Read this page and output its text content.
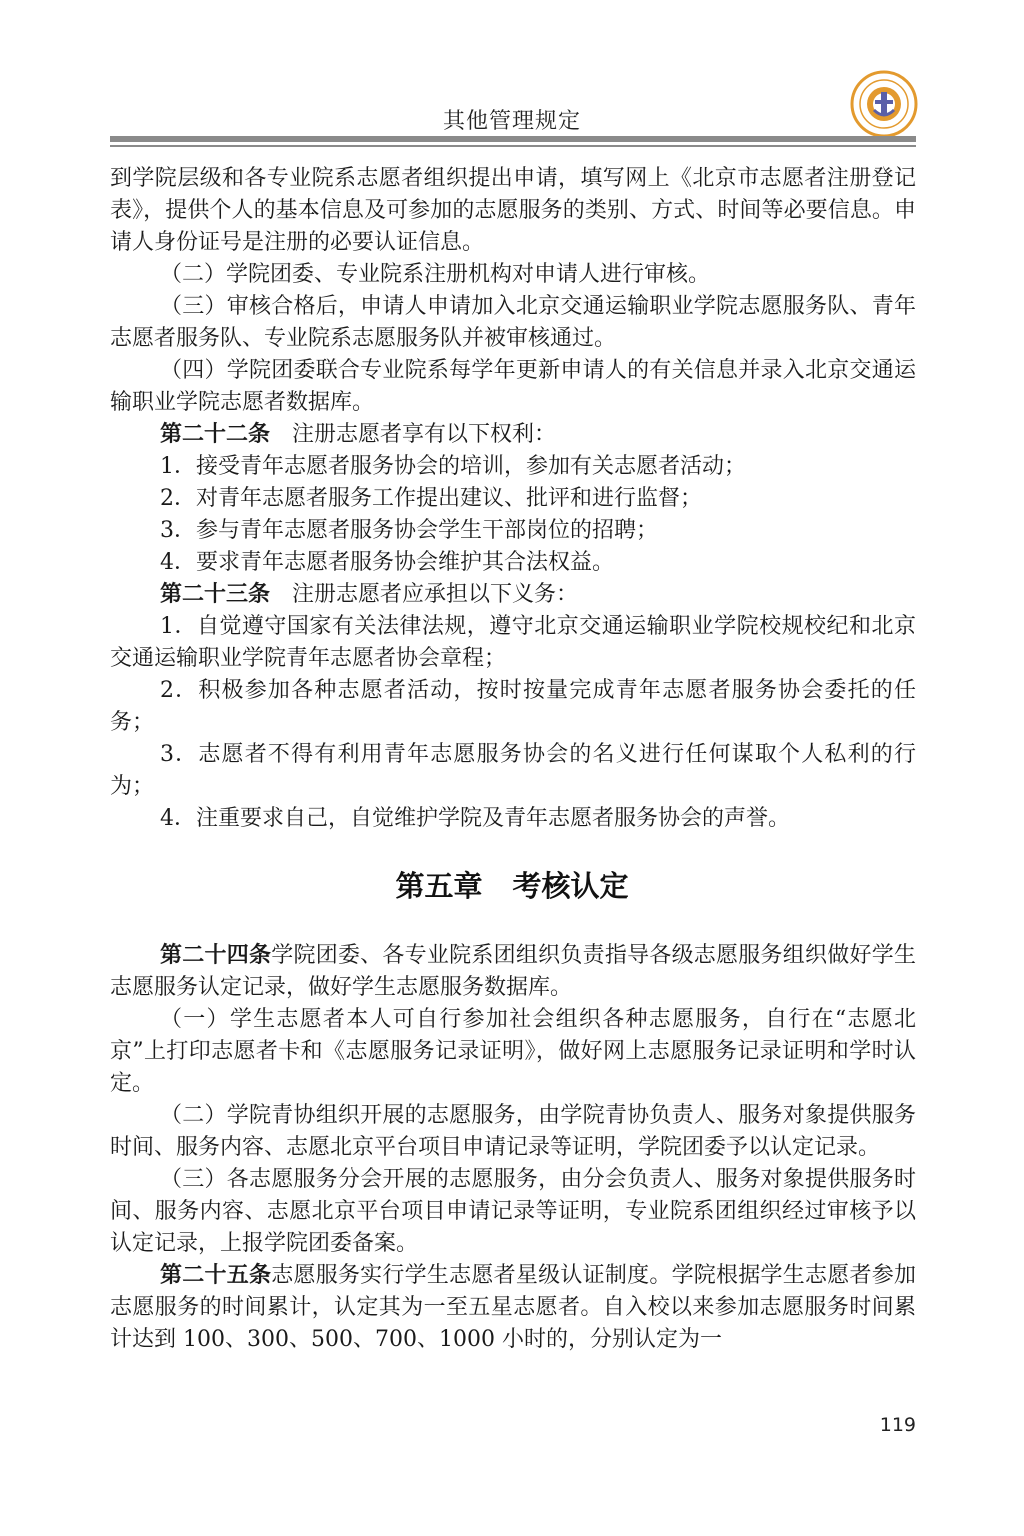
其他管理规定

到学院层级和各专业院系志愿者组织提出申请，填写网上《北京市志愿者注册登记表》，提供个人的基本信息及可参加的志愿服务的类别、方式、时间等必要信息。申请人身份证号是注册的必要认证信息。

（二）学院团委、专业院系注册机构对申请人进行审核。

（三）审核合格后，申请人申请加入北京交通运输职业学院志愿服务队、青年志愿者服务队、专业院系志愿服务队并被审核通过。

（四）学院团委联合专业院系每学年更新申请人的有关信息并录入北京交通运输职业学院志愿者数据库。

第二十二条　注册志愿者享有以下权利：

1．接受青年志愿者服务协会的培训，参加有关志愿者活动；

2．对青年志愿者服务工作提出建议、批评和进行监督；

3．参与青年志愿者服务协会学生干部岗位的招聘；

4．要求青年志愿者服务协会维护其合法权益。

第二十三条　注册志愿者应承担以下义务：

1．自觉遵守国家有关法律法规，遵守北京交通运输职业学院校规校纪和北京交通运输职业学院青年志愿者协会章程；

2．积极参加各种志愿者活动，按时按量完成青年志愿者服务协会委托的任务；

3．志愿者不得有利用青年志愿服务协会的名义进行任何谋取个人私利的行为；

4．注重要求自己，自觉维护学院及青年志愿者服务协会的声誉。

第五章 考核认定

第二十四条学院团委、各专业院系团组织负责指导各级志愿服务组织做好学生志愿服务认定记录，做好学生志愿服务数据库。

（一）学生志愿者本人可自行参加社会组织各种志愿服务，自行在“志愿北京”上打印志愿者卡和《志愿服务记录证明》，做好网上志愿服务记录证明和学时认定。

（二）学院青协组织开展的志愿服务，由学院青协负责人、服务对象提供服务时间、服务内容、志愿北京平台项目申请记录等证明，学院团委予以认定记录。

（三）各志愿服务分会开展的志愿服务，由分会负责人、服务对象提供服务时间、服务内容、志愿北京平台项目申请记录等证明，专业院系团组织经过审核予以认定记录，上报学院团委备案。

第二十五条志愿服务实行学生志愿者星级认证制度。学院根据学生志愿者参加志愿服务的时间累计，认定其为一至五星志愿者。自入校以来参加志愿服务时间累计达到 100、300、500、700、1000 小时的，分别认定为一

119
